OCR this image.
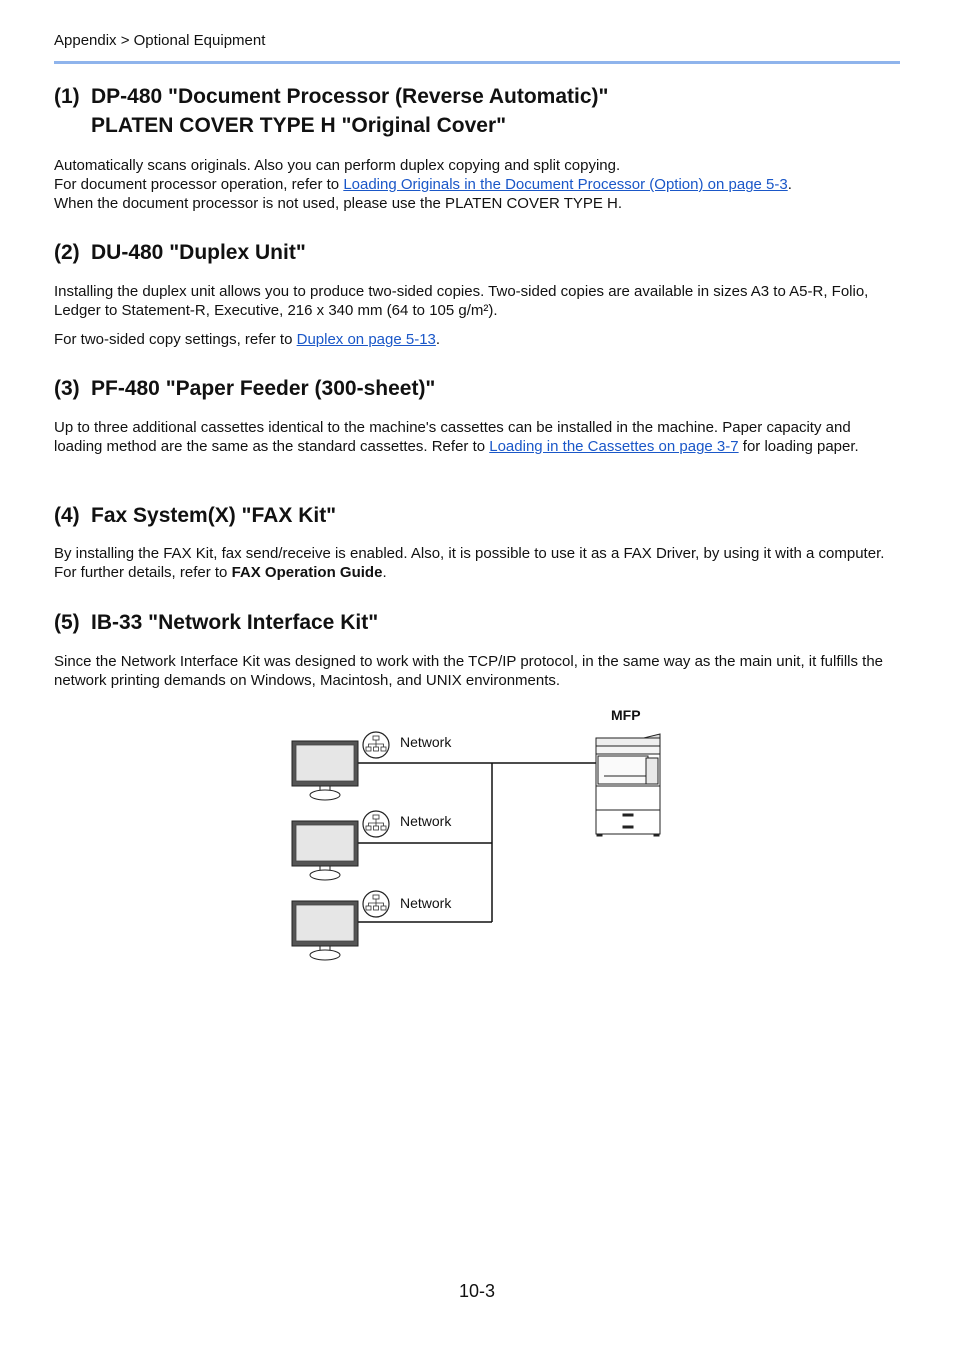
Appendix > Optional Equipment
(1) DP-480 "Document Processor (Reverse Automatic)"
PLATEN COVER TYPE H "Original Cover"

Automatically scans originals. Also you can perform duplex copying and split copying.
For document processor operation, refer to Loading Originals in the Document Processor (Option) on page 5-3.
When the document processor is not used, please use the PLATEN COVER TYPE H.

(2) DU-480 "Duplex Unit"

Installing the duplex unit allows you to produce two-sided copies. Two-sided copies are available in sizes A3 to A5-R, Folio, Ledger to Statement-R, Executive, 216 x 340 mm (64 to 105 g/m²).

For two-sided copy settings, refer to Duplex on page 5-13.

(3) PF-480 "Paper Feeder (300-sheet)"

Up to three additional cassettes identical to the machine's cassettes can be installed in the machine. Paper capacity and loading method are the same as the standard cassettes. Refer to Loading in the Cassettes on page 3-7 for loading paper.

(4) Fax System(X) "FAX Kit"

By installing the FAX Kit, fax send/receive is enabled. Also, it is possible to use it as a FAX Driver, by using it with a computer. For further details, refer to FAX Operation Guide.

(5) IB-33 "Network Interface Kit"

Since the Network Interface Kit was designed to work with the TCP/IP protocol, in the same way as the main unit, it fulfills the network printing demands on Windows, Macintosh, and UNIX environments.

Network
Network
Network
MFP
10-3
